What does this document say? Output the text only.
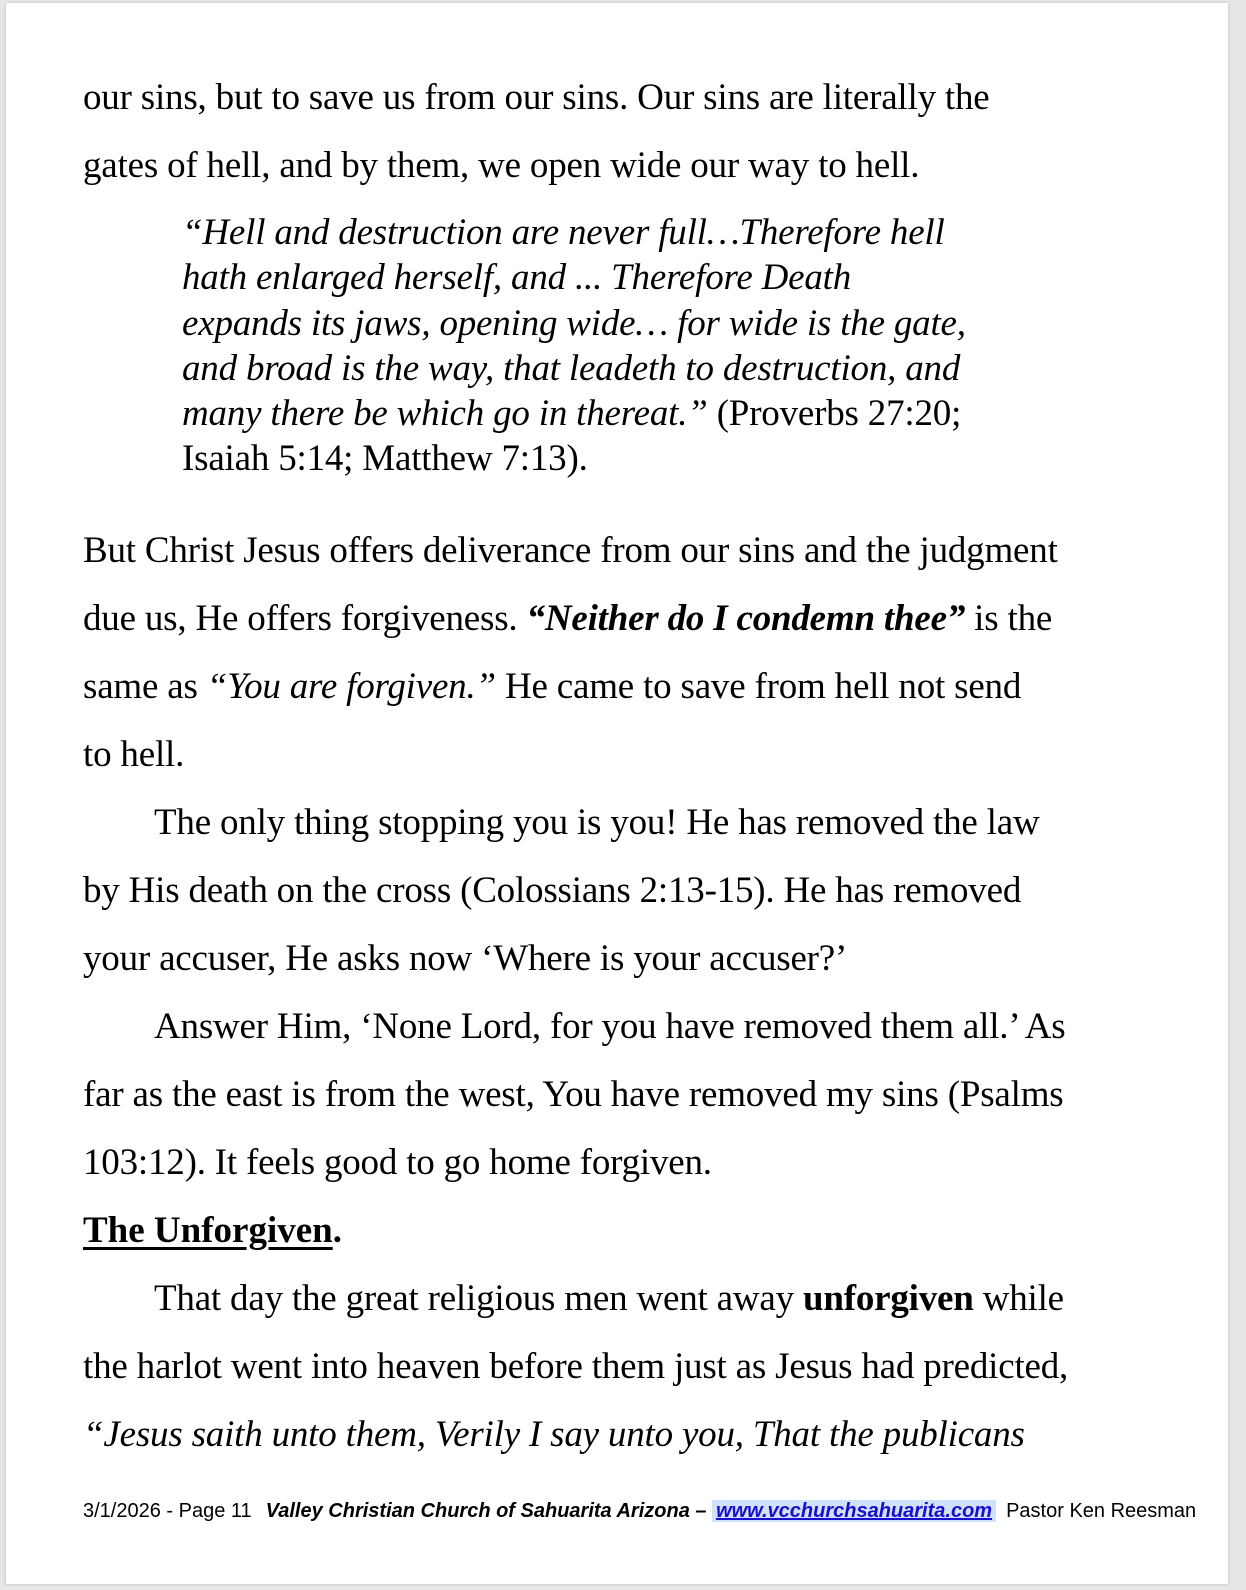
our sins, but to save us from our sins. Our sins are literally the
gates of hell, and by them, we open wide our way to hell.
“Hell and destruction are never full…Therefore hell
hath enlarged herself, and ... Therefore Death
expands its jaws, opening wide… for wide is the gate,
and broad is the way, that leadeth to destruction, and
many there be which go in thereat.” (Proverbs 27:20;
Isaiah 5:14; Matthew 7:13).
But Christ Jesus offers deliverance from our sins and the judgment
due us, He offers forgiveness. “Neither do I condemn thee” is the
same as “You are forgiven.” He came to save from hell not send
to hell.
The only thing stopping you is you! He has removed the law
by His death on the cross (Colossians 2:13-15). He has removed
your accuser, He asks now ‘Where is your accuser?’
Answer Him, ‘None Lord, for you have removed them all.’ As
far as the east is from the west, You have removed my sins (Psalms
103:12). It feels good to go home forgiven.
The Unforgiven.
That day the great religious men went away unforgiven while
the harlot went into heaven before them just as Jesus had predicted,
“Jesus saith unto them, Verily I say unto you, That the publicans
3/1/2026 - Page 11 Valley Christian Church of Sahuarita Arizona – www.vcchurchsahuarita.com Pastor Ken Reesman
